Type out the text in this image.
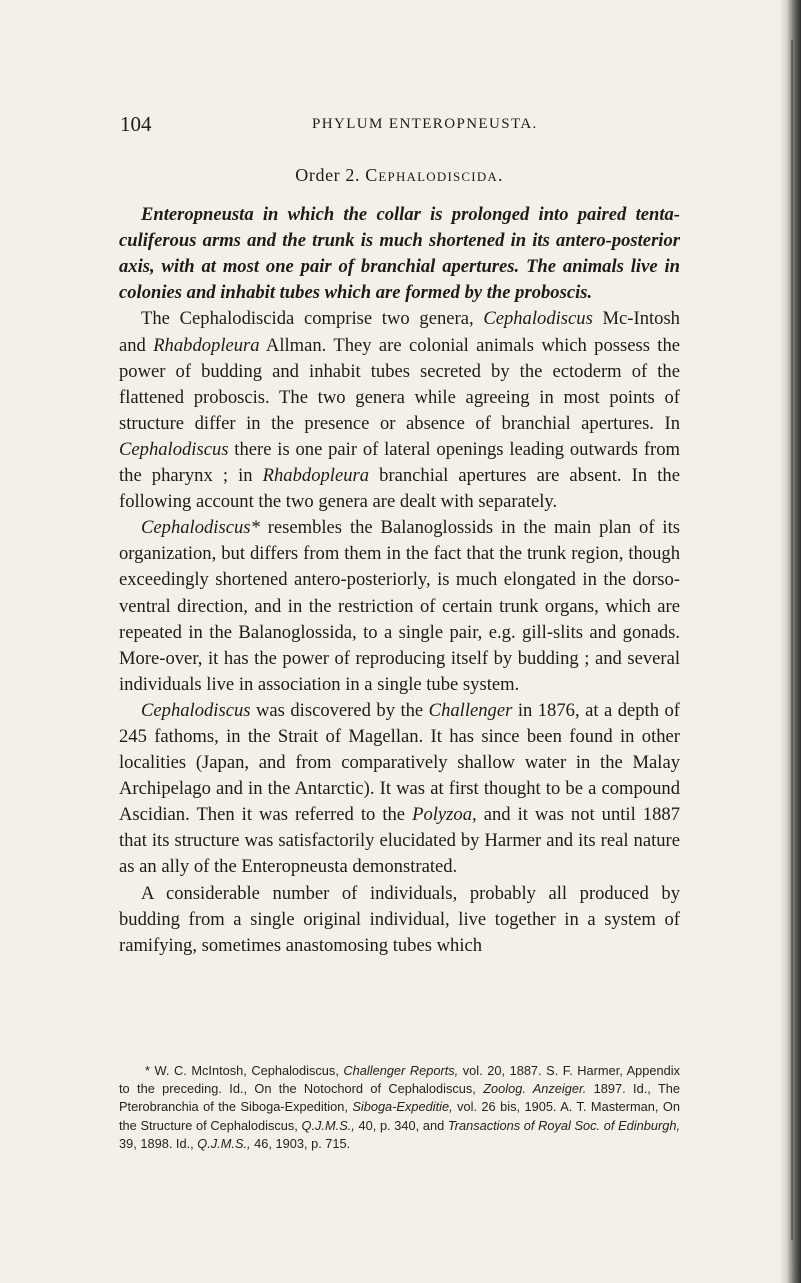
104	PHYLUM ENTEROPNEUSTA.
Order 2. Cephalodiscida.

Enteropneusta in which the collar is prolonged into paired tenta-culiferous arms and the trunk is much shortened in its antero-posterior axis, with at most one pair of branchial apertures. The animals live in colonies and inhabit tubes which are formed by the proboscis.

The Cephalodiscida comprise two genera, Cephalodiscus Mc-Intosh and Rhabdopleura Allman. They are colonial animals which possess the power of budding and inhabit tubes secreted by the ectoderm of the flattened proboscis. The two genera while agreeing in most points of structure differ in the presence or absence of branchial apertures. In Cephalodiscus there is one pair of lateral openings leading outwards from the pharynx ; in Rhabdopleura branchial apertures are absent. In the following account the two genera are dealt with separately.

Cephalodiscus* resembles the Balanoglossids in the main plan of its organization, but differs from them in the fact that the trunk region, though exceedingly shortened antero-posteriorly, is much elongated in the dorso-ventral direction, and in the restriction of certain trunk organs, which are repeated in the Balanoglossida, to a single pair, e.g. gill-slits and gonads. More-over, it has the power of reproducing itself by budding ; and several individuals live in association in a single tube system.

Cephalodiscus was discovered by the Challenger in 1876, at a depth of 245 fathoms, in the Strait of Magellan. It has since been found in other localities (Japan, and from comparatively shallow water in the Malay Archipelago and in the Antarctic). It was at first thought to be a compound Ascidian. Then it was referred to the Polyzoa, and it was not until 1887 that its structure was satisfactorily elucidated by Harmer and its real nature as an ally of the Enteropneusta demonstrated.

A considerable number of individuals, probably all produced by budding from a single original individual, live together in a system of ramifying, sometimes anastomosing tubes which

* W. C. McIntosh, Cephalodiscus, Challenger Reports, vol. 20, 1887. S. F. Harmer, Appendix to the preceding. Id., On the Notochord of Cephalodiscus, Zoolog. Anzeiger. 1897. Id., The Pterobranchia of the Siboga-Expedition, Siboga-Expeditie, vol. 26 bis, 1905. A. T. Masterman, On the Structure of Cephalodiscus, Q.J.M.S., 40, p. 340, and Transactions of Royal Soc. of Edinburgh, 39, 1898. Id., Q.J.M.S., 46, 1903, p. 715.
